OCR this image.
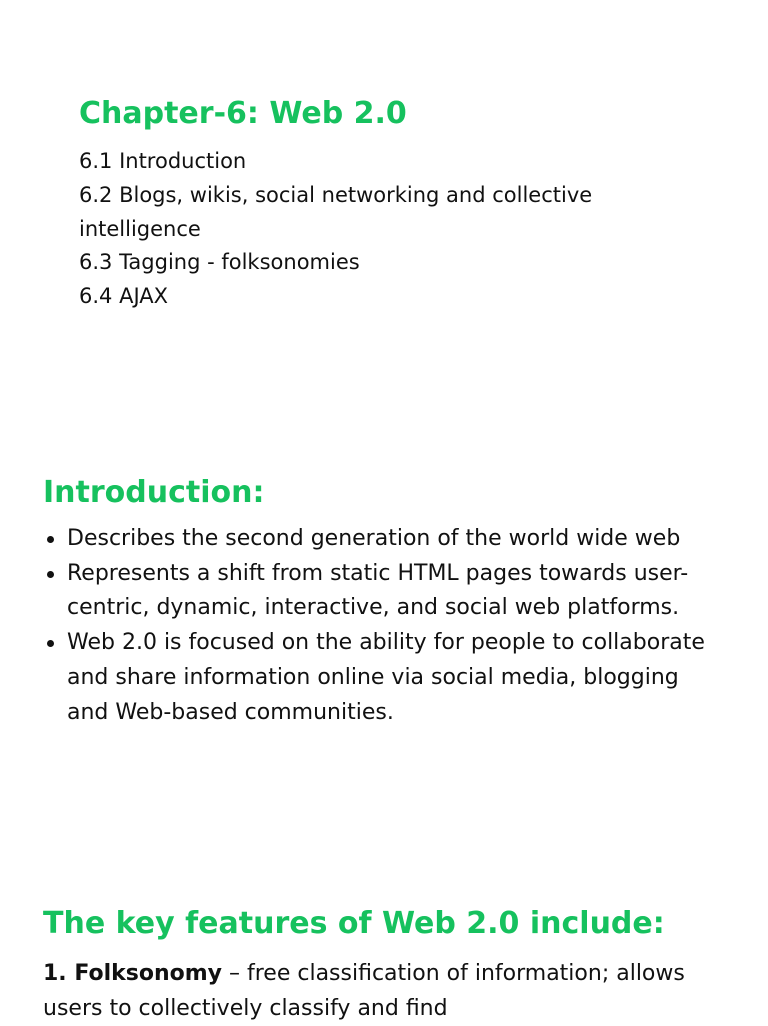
Chapter-6: Web 2.0
6.1 Introduction
6.2 Blogs, wikis, social networking and collective intelligence
6.3 Tagging - folksonomies
6.4 AJAX
Introduction:
Describes the second generation of the world wide web
Represents a shift from static HTML pages towards user-centric, dynamic, interactive, and social web platforms.
Web 2.0 is focused on the ability for people to collaborate and share information online via social media, blogging and Web-based communities.
The key features of Web 2.0 include:

1. Folksonomy – free classification of information; allows users to collectively classify and find
